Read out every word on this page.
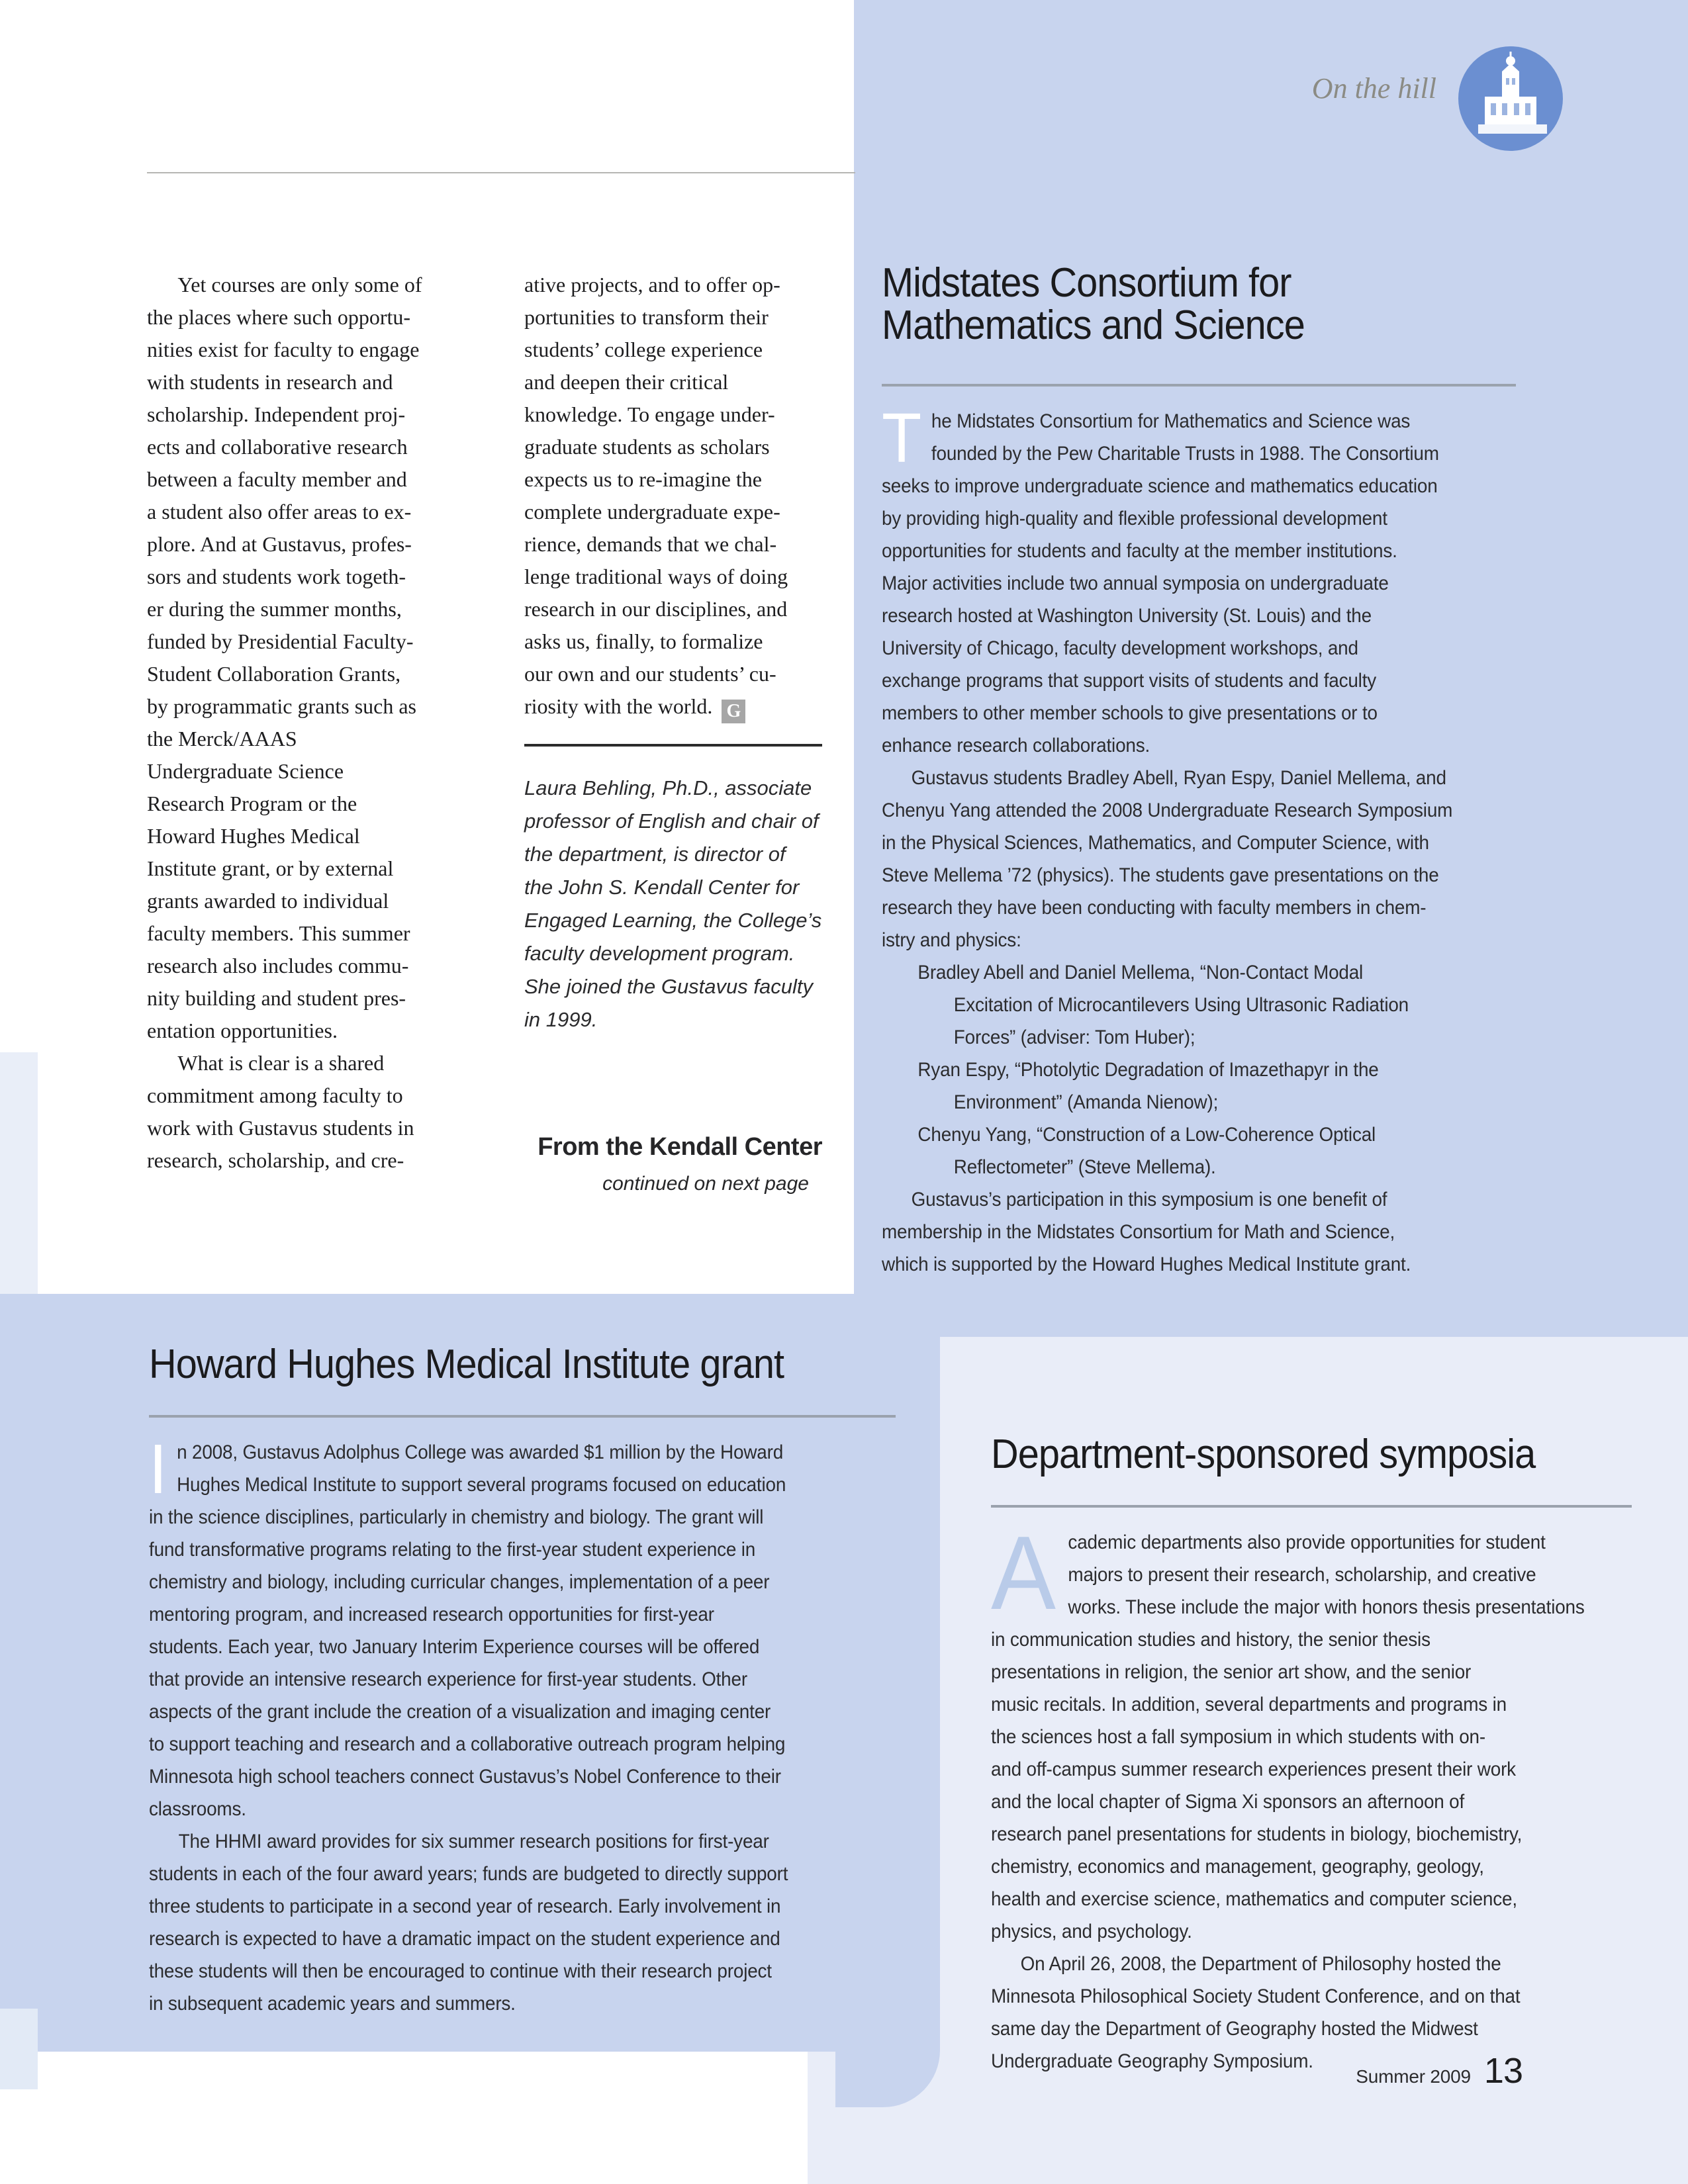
On the hill
Yet courses are only some of
the places where such opportu-
nities exist for faculty to engage
with students in research and
scholarship. Independent proj-
ects and collaborative research
between a faculty member and
a student also offer areas to ex-
plore. And at Gustavus, profes-
sors and students work togeth-
er during the summer months,
funded by Presidential Faculty-
Student Collaboration Grants,
by programmatic grants such as
the Merck/AAAS
Undergraduate Science
Research Program or the
Howard Hughes Medical
Institute grant, or by external
grants awarded to individual
faculty members. This summer
research also includes commu-
nity building and student pres-
entation opportunities.
What is clear is a shared
commitment among faculty to
work with Gustavus students in
research, scholarship, and cre-
ative projects, and to offer op-
portunities to transform their
students’ college experience
and deepen their critical
knowledge. To engage under-
graduate students as scholars
expects us to re-imagine the
complete undergraduate expe-
rience, demands that we chal-
lenge traditional ways of doing
research in our disciplines, and
asks us, finally, to formalize
our own and our students’ cu-
riosity with the world. G
Laura Behling, Ph.D., associate
professor of English and chair of
the department, is director of
the John S. Kendall Center for
Engaged Learning, the College’s
faculty development program.
She joined the Gustavus faculty
in 1999.
From the Kendall Center
continued on next page
Midstates Consortium for
Mathematics and Science
The Midstates Consortium for Mathematics and Science was
founded by the Pew Charitable Trusts in 1988. The Consortium
seeks to improve undergraduate science and mathematics education
by providing high-quality and flexible professional development
opportunities for students and faculty at the member institutions.
Major activities include two annual symposia on undergraduate
research hosted at Washington University (St. Louis) and the
University of Chicago, faculty development workshops, and
exchange programs that support visits of students and faculty
members to other member schools to give presentations or to
enhance research collaborations.
Gustavus students Bradley Abell, Ryan Espy, Daniel Mellema, and
Chenyu Yang attended the 2008 Undergraduate Research Symposium
in the Physical Sciences, Mathematics, and Computer Science, with
Steve Mellema ’72 (physics). The students gave presentations on the
research they have been conducting with faculty members in chem-
istry and physics:
Bradley Abell and Daniel Mellema, “Non-Contact Modal
Excitation of Microcantilevers Using Ultrasonic Radiation
Forces” (adviser: Tom Huber);
Ryan Espy, “Photolytic Degradation of Imazethapyr in the
Environment” (Amanda Nienow);
Chenyu Yang, “Construction of a Low-Coherence Optical
Reflectometer” (Steve Mellema).
Gustavus’s participation in this symposium is one benefit of
membership in the Midstates Consortium for Math and Science,
which is supported by the Howard Hughes Medical Institute grant.
Howard Hughes Medical Institute grant
In 2008, Gustavus Adolphus College was awarded $1 million by the Howard
Hughes Medical Institute to support several programs focused on education
in the science disciplines, particularly in chemistry and biology. The grant will
fund transformative programs relating to the first-year student experience in
chemistry and biology, including curricular changes, implementation of a peer
mentoring program, and increased research opportunities for first-year
students. Each year, two January Interim Experience courses will be offered
that provide an intensive research experience for first-year students. Other
aspects of the grant include the creation of a visualization and imaging center
to support teaching and research and a collaborative outreach program helping
Minnesota high school teachers connect Gustavus’s Nobel Conference to their
classrooms.
The HHMI award provides for six summer research positions for first-year
students in each of the four award years; funds are budgeted to directly support
three students to participate in a second year of research. Early involvement in
research is expected to have a dramatic impact on the student experience and
these students will then be encouraged to continue with their research project
in subsequent academic years and summers.
Department-sponsored symposia
Academic departments also provide opportunities for student
majors to present their research, scholarship, and creative
works. These include the major with honors thesis presentations
in communication studies and history, the senior thesis
presentations in religion, the senior art show, and the senior
music recitals. In addition, several departments and programs in
the sciences host a fall symposium in which students with on-
and off-campus summer research experiences present their work
and the local chapter of Sigma Xi sponsors an afternoon of
research panel presentations for students in biology, biochemistry,
chemistry, economics and management, geography, geology,
health and exercise science, mathematics and computer science,
physics, and psychology.
On April 26, 2008, the Department of Philosophy hosted the
Minnesota Philosophical Society Student Conference, and on that
same day the Department of Geography hosted the Midwest
Undergraduate Geography Symposium.
Summer 2009 13
